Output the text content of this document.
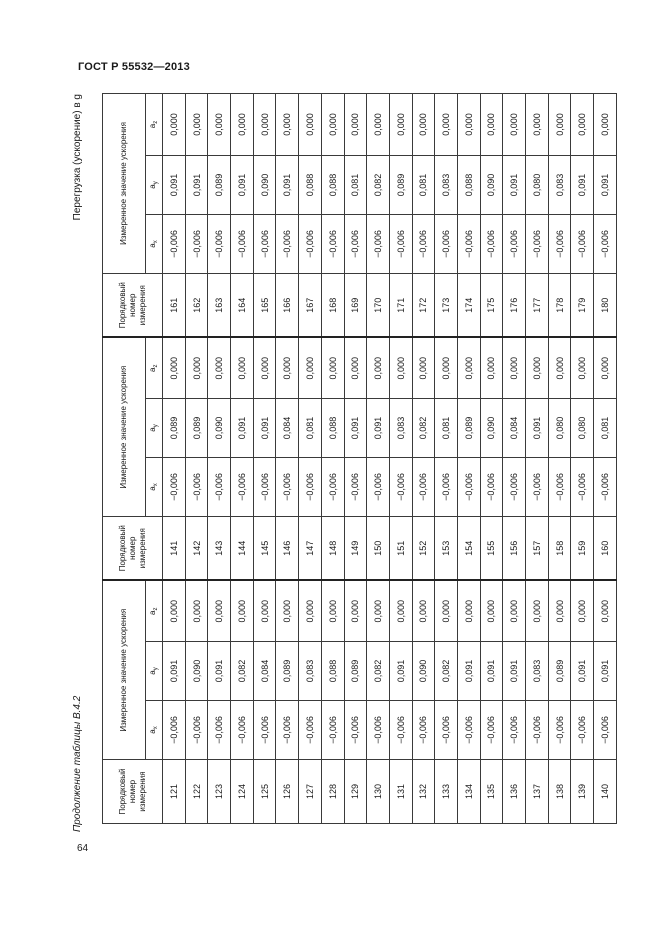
ГОСТ Р 55532—2013
64
Продолжение таблицы В.4.2
Перегрузка (ускорение) в g
Порядковый номер измерения	Измеренное значение ускорения			Порядковый номер измерения	Измеренное значение ускорения			Порядковый номер измерения	Измеренное значение ускорения		
	$a_x$	$a_y$	$a_z$		$a_x$	$a_y$	$a_z$		$a_x$	$a_y$	$a_z$
121	−0,006	0,091	0,000	141	−0,006	0,089	0,000	161	−0,006	0,091	0,000
122	−0,006	0,090	0,000	142	−0,006	0,089	0,000	162	−0,006	0,091	0,000
123	−0,006	0,091	0,000	143	−0,006	0,090	0,000	163	−0,006	0,089	0,000
124	−0,006	0,082	0,000	144	−0,006	0,091	0,000	164	−0,006	0,091	0,000
125	−0,006	0,084	0,000	145	−0,006	0,091	0,000	165	−0,006	0,090	0,000
126	−0,006	0,089	0,000	146	−0,006	0,084	0,000	166	−0,006	0,091	0,000
127	−0,006	0,083	0,000	147	−0,006	0,081	0,000	167	−0,006	0,088	0,000
128	−0,006	0,088	0,000	148	−0,006	0,088	0,000	168	−0,006	0,088	0,000
129	−0,006	0,089	0,000	149	−0,006	0,091	0,000	169	−0,006	0,081	0,000
130	−0,006	0,082	0,000	150	−0,006	0,091	0,000	170	−0,006	0,082	0,000
131	−0,006	0,091	0,000	151	−0,006	0,083	0,000	171	−0,006	0,089	0,000
132	−0,006	0,090	0,000	152	−0,006	0,082	0,000	172	−0,006	0,081	0,000
133	−0,006	0,082	0,000	153	−0,006	0,081	0,000	173	−0,006	0,083	0,000
134	−0,006	0,091	0,000	154	−0,006	0,089	0,000	174	−0,006	0,088	0,000
135	−0,006	0,091	0,000	155	−0,006	0,090	0,000	175	−0,006	0,090	0,000
136	−0,006	0,091	0,000	156	−0,006	0,084	0,000	176	−0,006	0,091	0,000
137	−0,006	0,083	0,000	157	−0,006	0,091	0,000	177	−0,006	0,080	0,000
138	−0,006	0,089	0,000	158	−0,006	0,080	0,000	178	−0,006	0,083	0,000
139	−0,006	0,091	0,000	159	−0,006	0,080	0,000	179	−0,006	0,091	0,000
140	−0,006	0,091	0,000	160	−0,006	0,081	0,000	180	−0,006	0,091	0,000
